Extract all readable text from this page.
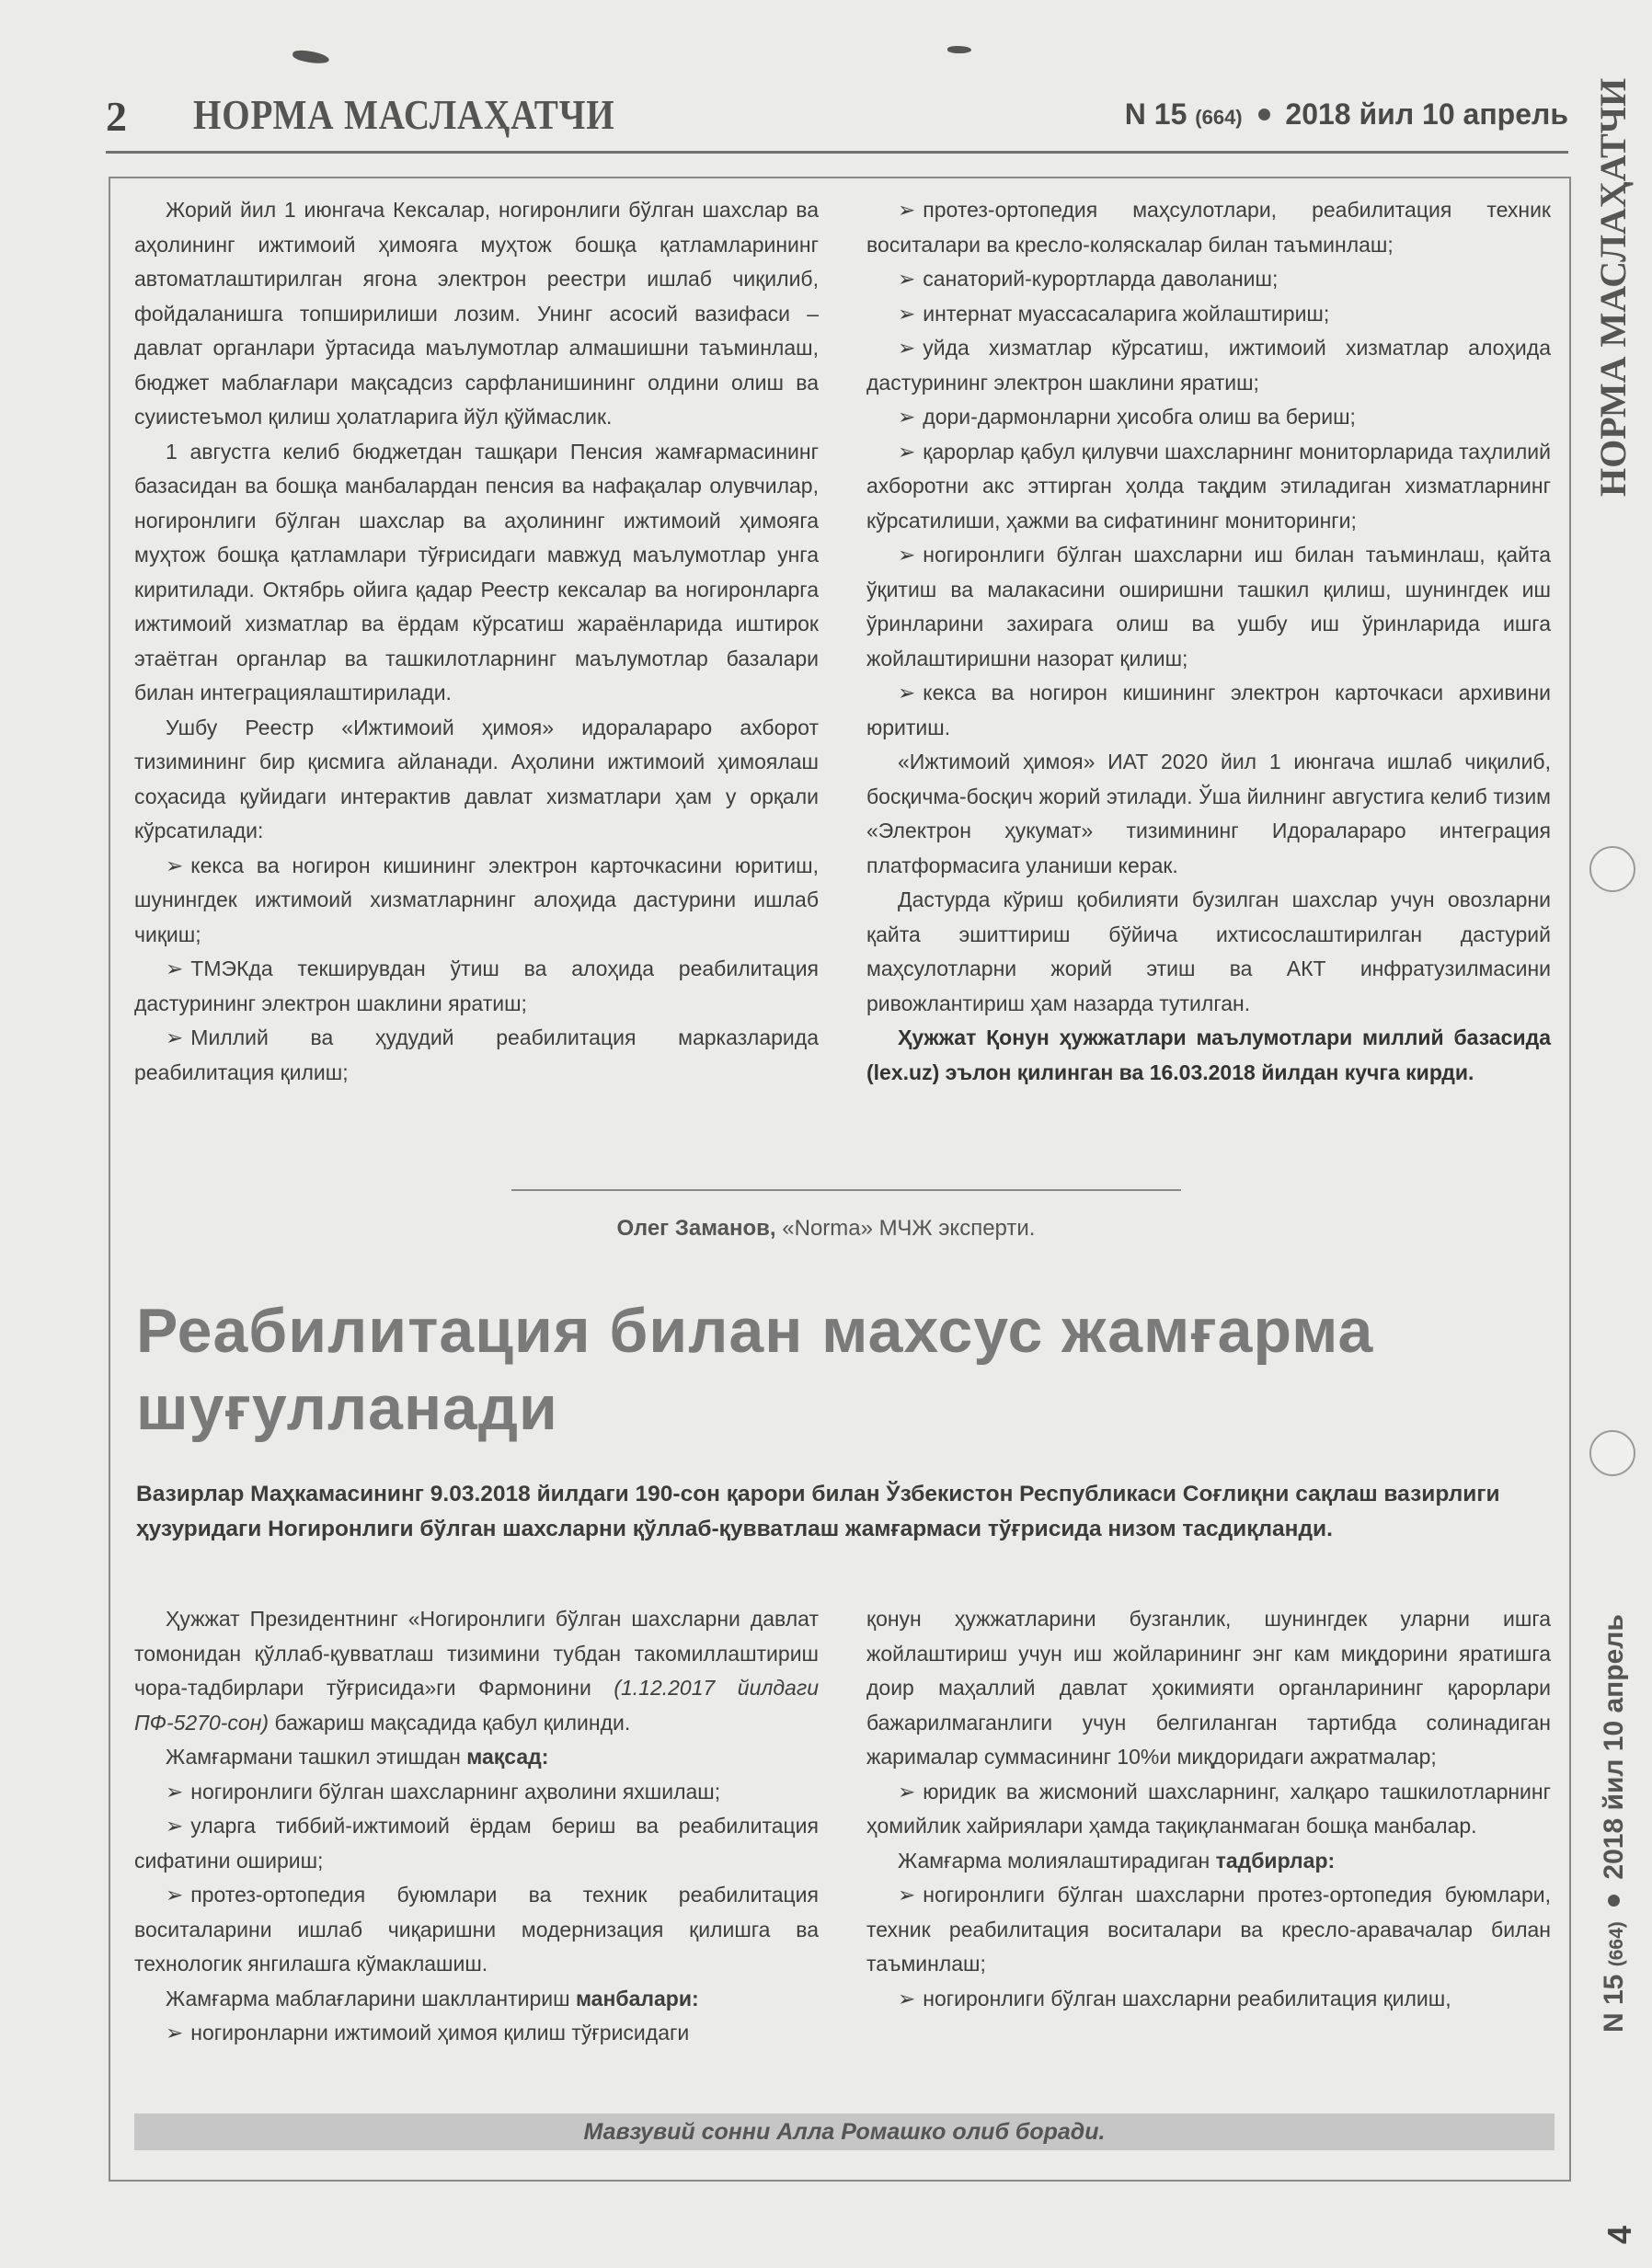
2 НОРМА МАСЛАҲАТЧИ	N 15 (664) 2018 йил 10 апрель

Жорий йил 1 июнгача Кексалар, ногиронлиги бўлган шахслар ва аҳолининг ижтимоий ҳимояга муҳтож бошқа қатламларининг автоматлаштирилган ягона электрон реестри ишлаб чиқилиб, фойдаланишга топширилиши лозим. Унинг асосий вазифаси – давлат органлари ўртасида маълумотлар алмашишни таъминлаш, бюджет маблағлари мақсадсиз сарфланишининг олдини олиш ва суиистеъмол қилиш ҳолатларига йўл қўймаслик.

1 августга келиб бюджетдан ташқари Пенсия жамғармасининг базасидан ва бошқа манбалардан пенсия ва нафақалар олувчилар, ногиронлиги бўлган шахслар ва аҳолининг ижтимоий ҳимояга муҳтож бошқа қатламлари тўғрисидаги мавжуд маълумотлар унга киритилади. Октябрь ойига қадар Реестр кексалар ва ногиронларга ижтимоий хизматлар ва ёрдам кўрсатиш жараёнларида иштирок этаётган органлар ва ташкилотларнинг маълумотлар базалари билан интеграциялаштирилади.

Ушбу Реестр «Ижтимоий ҳимоя» идоралараро ахборот тизимининг бир қисмига айланади. Аҳолини ижтимоий ҳимоялаш соҳасида қуйидаги интерактив давлат хизматлари ҳам у орқали кўрсатилади:

➢ кекса ва ногирон кишининг электрон карточкасини юритиш, шунингдек ижтимоий хизматларнинг алоҳида дастурини ишлаб чиқиш;

➢ ТМЭКда текширувдан ўтиш ва алоҳида реабилитация дастурининг электрон шаклини яратиш;

➢ Миллий ва ҳудудий реабилитация марказларида реабилитация қилиш;

➢ протез-ортопедия маҳсулотлари, реабилитация техник воситалари ва кресло-коляскалар билан таъминлаш;

➢ санаторий-курортларда даволаниш;

➢ интернат муассасаларига жойлаштириш;

➢ уйда хизматлар кўрсатиш, ижтимоий хизматлар алоҳида дастурининг электрон шаклини яратиш;

➢ дори-дармонларни ҳисобга олиш ва бериш;

➢ қарорлар қабул қилувчи шахсларнинг мониторларида таҳлилий ахборотни акс эттирган ҳолда тақдим этиладиган хизматларнинг кўрсатилиши, ҳажми ва сифатининг мониторинги;

➢ ногиронлиги бўлган шахсларни иш билан таъминлаш, қайта ўқитиш ва малакасини оширишни ташкил қилиш, шунингдек иш ўринларини захирага олиш ва ушбу иш ўринларида ишга жойлаштиришни назорат қилиш;

➢ кекса ва ногирон кишининг электрон карточкаси архивини юритиш.

«Ижтимоий ҳимоя» ИАТ 2020 йил 1 июнгача ишлаб чиқилиб, босқичма-босқич жорий этилади. Ўша йилнинг августига келиб тизим «Электрон ҳукумат» тизимининг Идоралараро интеграция платформасига уланиши керак.

Дастурда кўриш қобилияти бузилган шахслар учун овозларни қайта эшиттириш бўйича ихтисослаштирилган дастурий маҳсулотларни жорий этиш ва АКТ инфратузилмасини ривожлантириш ҳам назарда тутилган.

Ҳужжат Қонун ҳужжатлари маълумотлари миллий базасида (lex.uz) эълон қилинган ва 16.03.2018 йилдан кучга кирди.

Олег Заманов, «Norma» МЧЖ эксперти.
Реабилитация билан махсус жамғарма шуғулланади
Вазирлар Маҳкамасининг 9.03.2018 йилдаги 190-сон қарори билан Ўзбекистон Республикаси Соғлиқни сақлаш вазирлиги ҳузуридаги Ногиронлиги бўлган шахсларни қўллаб-қувватлаш жамғармаси тўғрисида низом тасдиқланди.

Ҳужжат Президентнинг «Ногиронлиги бўлган шахсларни давлат томонидан қўллаб-қувватлаш тизимини тубдан такомиллаштириш чора-тадбирлари тўғрисида»ги Фармонини (1.12.2017 йилдаги ПФ-5270-сон) бажариш мақсадида қабул қилинди.

Жамғармани ташкил этишдан мақсад:

➢ ногиронлиги бўлган шахсларнинг аҳволини яхшилаш;

➢ уларга тиббий-ижтимоий ёрдам бериш ва реабилитация сифатини ошириш;

➢ протез-ортопедия буюмлари ва техник реабилитация воситаларини ишлаб чиқаришни модернизация қилишга ва технологик янгилашга кўмаклашиш.

Жамғарма маблағларини шакллантириш манбалари:

➢ ногиронларни ижтимоий ҳимоя қилиш тўғрисидаги

қонун ҳужжатларини бузганлик, шунингдек уларни ишга жойлаштириш учун иш жойларининг энг кам миқдорини яратишга доир маҳаллий давлат ҳокимияти органларининг қарорлари бажарилмаганлиги учун белгиланган тартибда солинадиган жарималар суммасининг 10%и миқдоридаги ажратмалар;

➢ юридик ва жисмоний шахсларнинг, халқаро ташкилотларнинг ҳомийлик хайриялари ҳамда тақиқланмаган бошқа манбалар.

Жамғарма молиялаштирадиган тадбирлар:

➢ ногиронлиги бўлган шахсларни протез-ортопедия буюмлари, техник реабилитация воситалари ва кресло-аравачалар билан таъминлаш;

➢ ногиронлиги бўлган шахсларни реабилитация қилиш,

Мавзувий сонни Алла Ромашко олиб боради.
НОРМА МАСЛАҲАТЧИ
N 15 (664)  2018 йил 10 апрель
4
